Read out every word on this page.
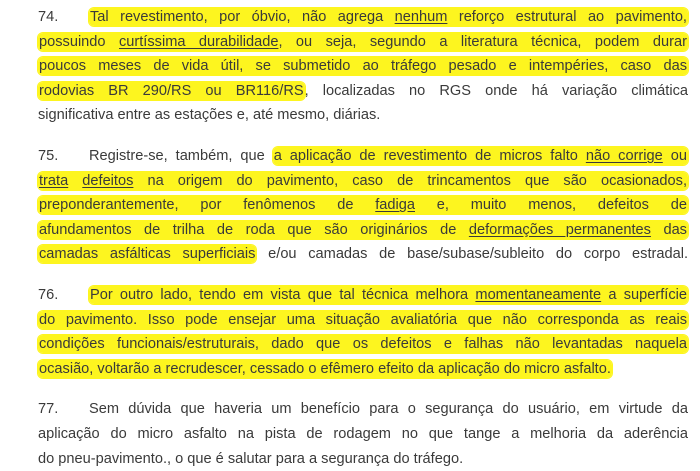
74.	Tal revestimento, por óbvio, não agrega nenhum reforço estrutural ao pavimento,
possuindo curtíssima durabilidade, ou seja, segundo a literatura técnica, podem durar
poucos meses de vida útil, se submetido ao tráfego pesado e intempéries, caso das
rodovias BR 290/RS ou BR116/RS, localizadas no RGS onde há variação climática
significativa entre as estações e, até mesmo, diárias.
75.	Registre-se, também, que a aplicação de revestimento de micros falto não corrige ou
trata defeitos na origem do pavimento, caso de trincamentos que são ocasionados,
preponderantemente, por fenômenos de fadiga e, muito menos, defeitos de
afundamentos de trilha de roda que são originários de deformações permanentes das
camadas asfálticas superficiais e/ou camadas de base/subase/subleito do corpo estradal.
76.	Por outro lado, tendo em vista que tal técnica melhora momentaneamente a superfície
do pavimento. Isso pode ensejar uma situação avaliatória que não corresponda as reais
condições funcionais/estruturais, dado que os defeitos e falhas não levantadas naquela
ocasião, voltarão a recrudescer, cessado o efêmero efeito da aplicação do micro asfalto.
77.	Sem dúvida que haveria um benefício para o segurança do usuário, em virtude da
aplicação do micro asfalto na pista de rodagem no que tange a melhoria da aderência
do pneu-pavimento., o que é salutar para a segurança do tráfego.
